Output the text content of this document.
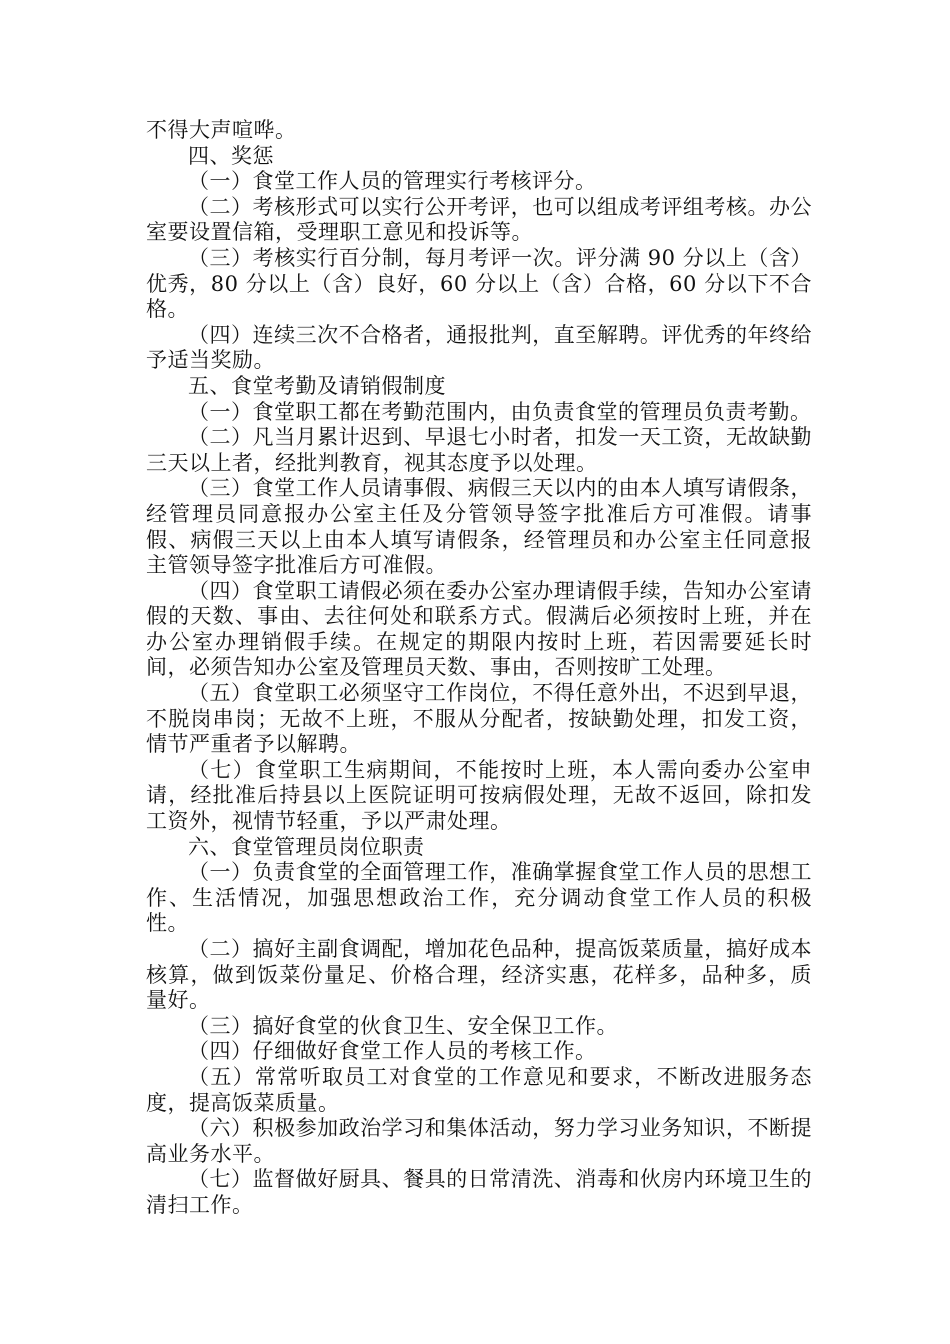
不得大声喧哗。

四、奖惩

（一）食堂工作人员的管理实行考核评分。

（二）考核形式可以实行公开考评，也可以组成考评组考核。办公室要设置信箱，受理职工意见和投诉等。

（三）考核实行百分制，每月考评一次。评分满 90 分以上（含）优秀，80 分以上（含）良好，60 分以上（含）合格，60 分以下不合格。

（四）连续三次不合格者，通报批判，直至解聘。评优秀的年终给予适当奖励。

五、食堂考勤及请销假制度

（一）食堂职工都在考勤范围内，由负责食堂的管理员负责考勤。

（二）凡当月累计迟到、早退七小时者，扣发一天工资，无故缺勤三天以上者，经批判教育，视其态度予以处理。

（三）食堂工作人员请事假、病假三天以内的由本人填写请假条，经管理员同意报办公室主任及分管领导签字批准后方可准假。请事假、病假三天以上由本人填写请假条，经管理员和办公室主任同意报主管领导签字批准后方可准假。

（四）食堂职工请假必须在委办公室办理请假手续，告知办公室请假的天数、事由、去往何处和联系方式。假满后必须按时上班，并在办公室办理销假手续。在规定的期限内按时上班，若因需要延长时间，必须告知办公室及管理员天数、事由，否则按旷工处理。

（五）食堂职工必须坚守工作岗位，不得任意外出，不迟到早退，不脱岗串岗；无故不上班，不服从分配者，按缺勤处理，扣发工资，情节严重者予以解聘。

（七）食堂职工生病期间，不能按时上班，本人需向委办公室申请，经批准后持县以上医院证明可按病假处理，无故不返回，除扣发工资外，视情节轻重，予以严肃处理。

六、食堂管理员岗位职责

（一）负责食堂的全面管理工作，准确掌握食堂工作人员的思想工作、生活情况，加强思想政治工作，充分调动食堂工作人员的积极性。

（二）搞好主副食调配，增加花色品种，提高饭菜质量，搞好成本核算，做到饭菜份量足、价格合理，经济实惠，花样多，品种多，质量好。

（三）搞好食堂的伙食卫生、安全保卫工作。

（四）仔细做好食堂工作人员的考核工作。

（五）常常听取员工对食堂的工作意见和要求，不断改进服务态度，提高饭菜质量。

（六）积极参加政治学习和集体活动，努力学习业务知识，不断提高业务水平。

（七）监督做好厨具、餐具的日常清洗、消毒和伙房内环境卫生的清扫工作。
